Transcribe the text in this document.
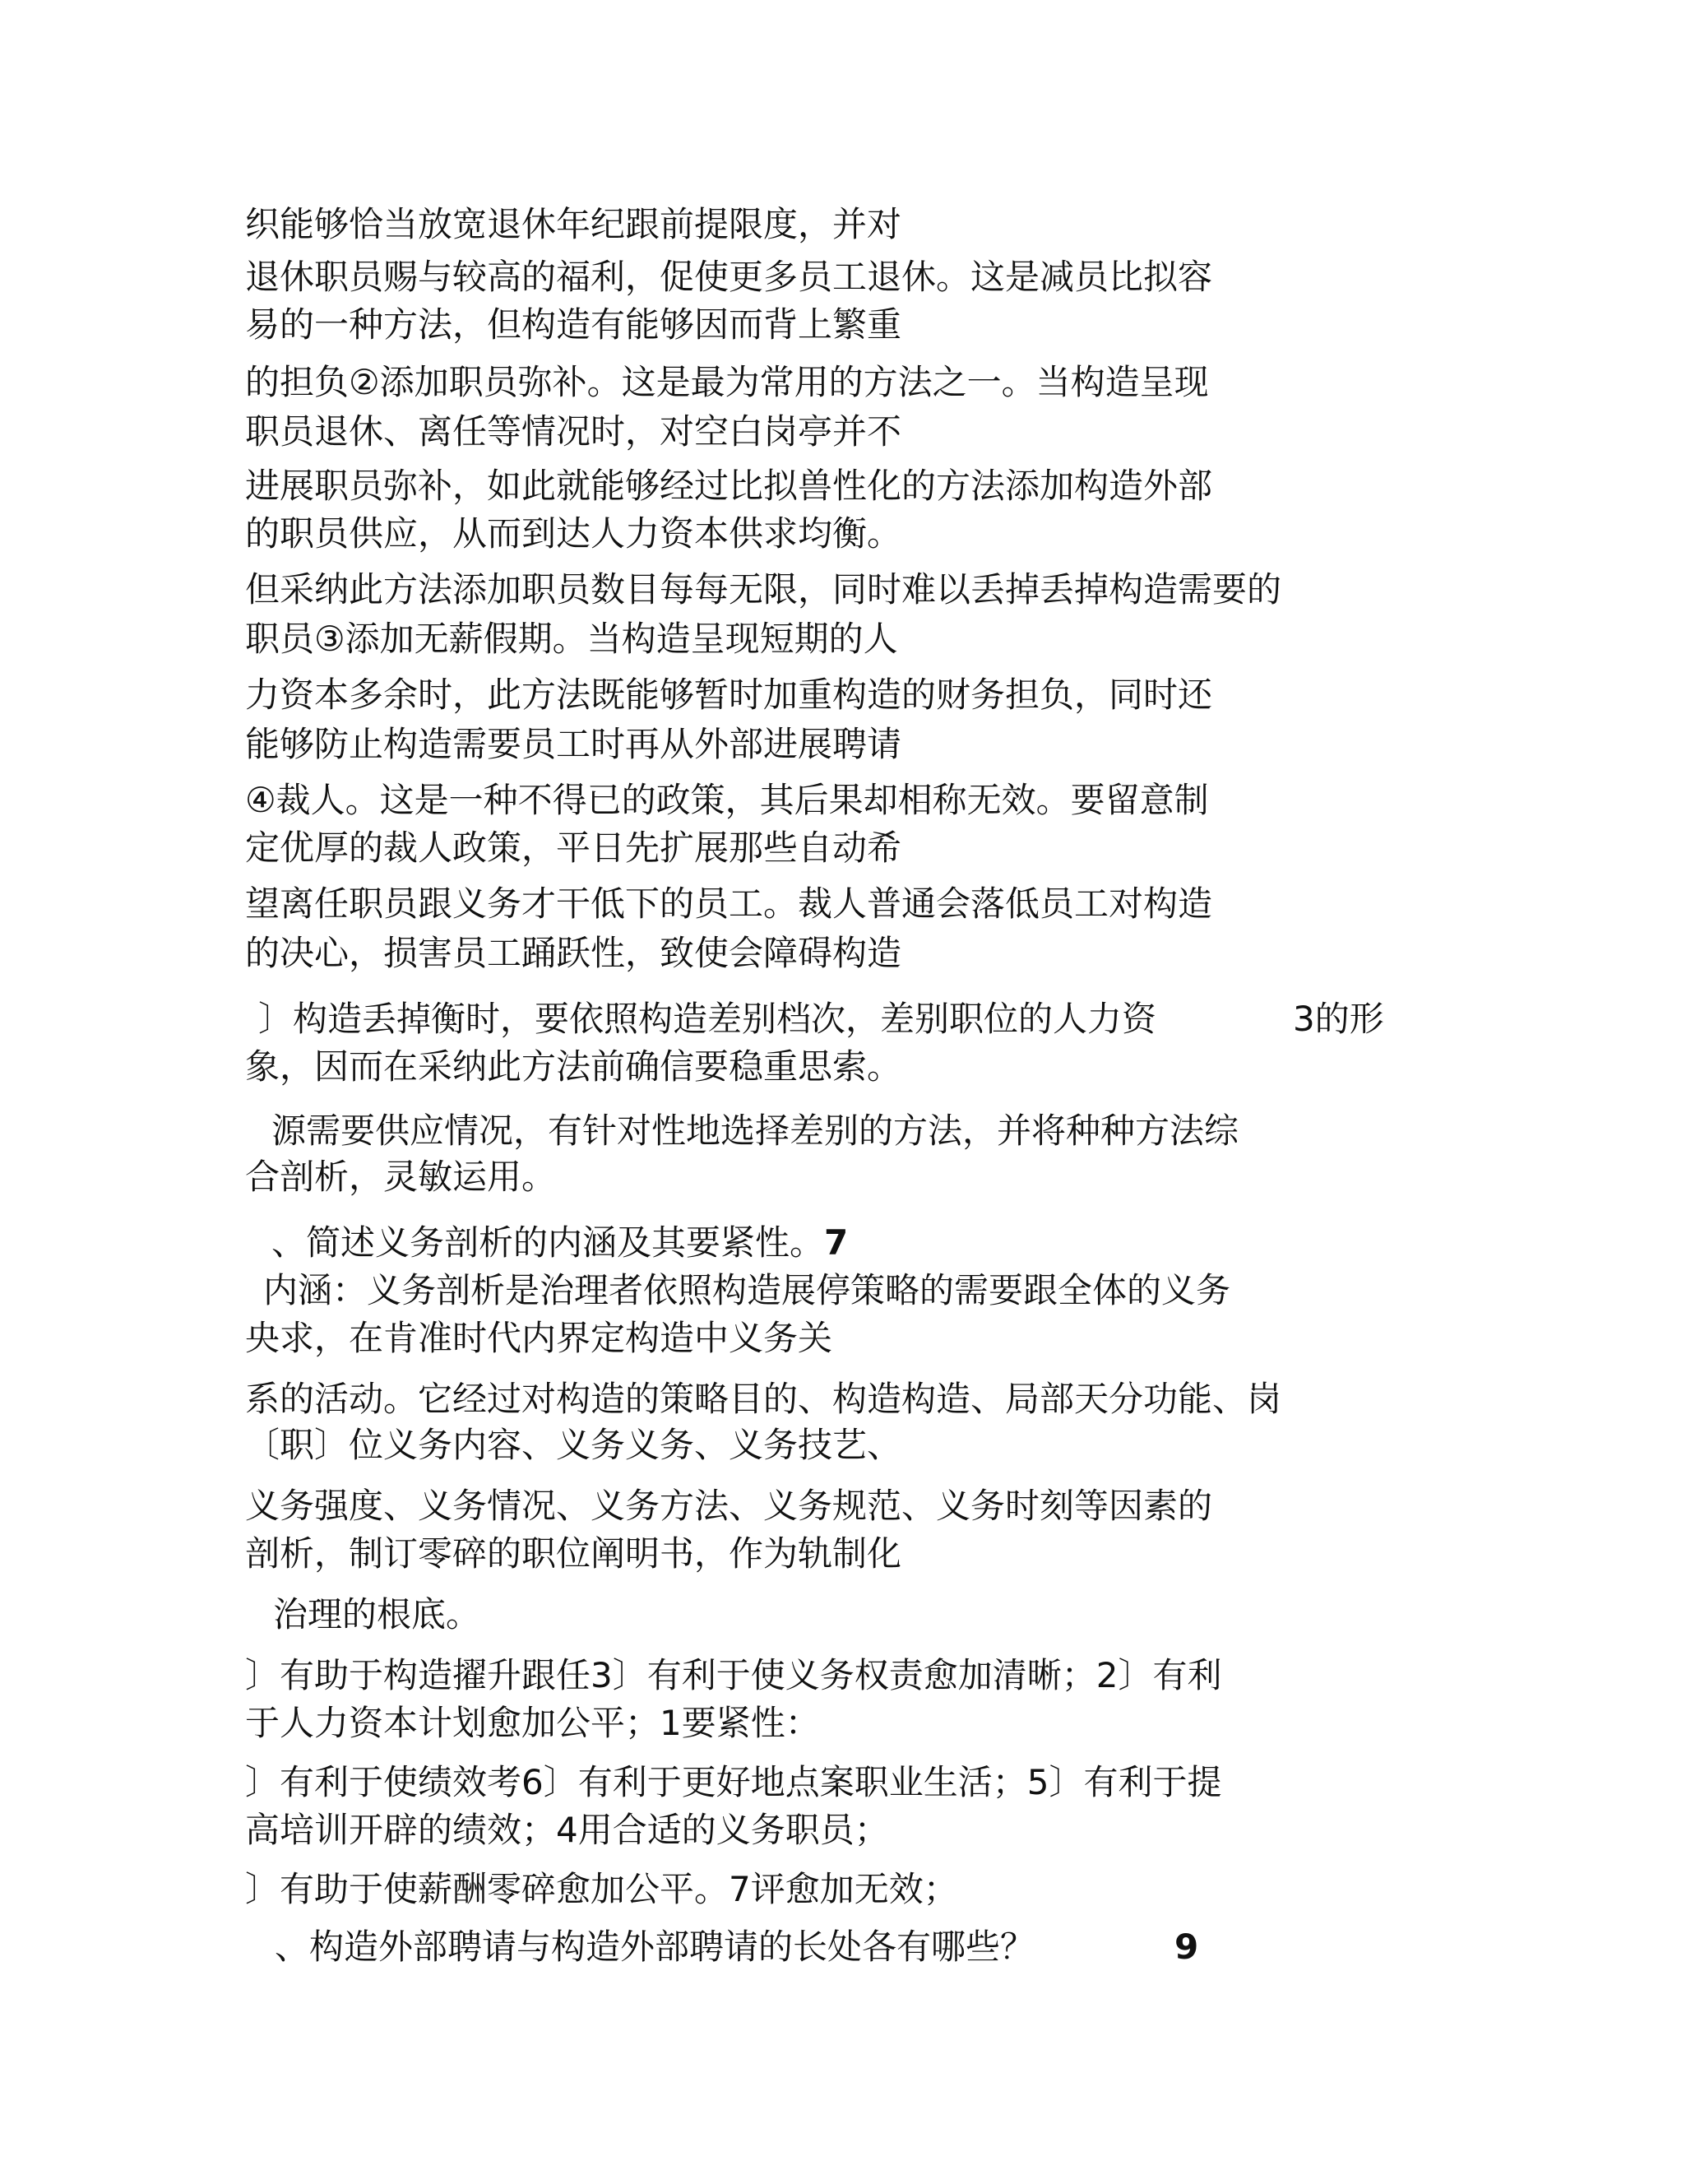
织能够恰当放宽退休年纪跟前提限度，并对
退休职员赐与较高的福利，促使更多员工退休。这是减员比拟容
易的一种方法，但构造有能够因而背上繁重
的担负②添加职员弥补。这是最为常用的方法之一。当构造呈现
职员退休、离任等情况时，对空白岗亭并不
进展职员弥补，如此就能够经过比拟兽性化的方法添加构造外部
的职员供应，从而到达人力资本供求均衡。
但采纳此方法添加职员数目每每无限，同时难以丢掉丢掉构造需要的
职员③添加无薪假期。当构造呈现短期的人
力资本多余时，此方法既能够暂时加重构造的财务担负，同时还
能够防止构造需要员工时再从外部进展聘请
④裁人。这是一种不得已的政策，其后果却相称无效。要留意制
定优厚的裁人政策，平日先扩展那些自动希
望离任职员跟义务才干低下的员工。裁人普通会落低员工对构造
的决心，损害员工踊跃性，致使会障碍构造
〕构造丢掉衡时，要依照构造差别档次，差别职位的人力资	3的形
象，因而在采纳此方法前确信要稳重思索。
源需要供应情况，有针对性地选择差别的方法，并将种种方法综
合剖析，灵敏运用。
、简述义务剖析的内涵及其要紧性。7
内涵：义务剖析是治理者依照构造展停策略的需要跟全体的义务
央求，在肯准时代内界定构造中义务关
系的活动。它经过对构造的策略目的、构造构造、局部天分功能、岗
〔职〕位义务内容、义务义务、义务技艺、
义务强度、义务情况、义务方法、义务规范、义务时刻等因素的
剖析，制订零碎的职位阐明书，作为轨制化
治理的根底。
〕有助于构造擢升跟任3〕有利于使义务权责愈加清晰；2〕有利
于人力资本计划愈加公平；1要紧性：
〕有利于使绩效考6〕有利于更好地点案职业生活；5〕有利于提
高培训开辟的绩效；4用合适的义务职员；
〕有助于使薪酬零碎愈加公平。7评愈加无效；
、构造外部聘请与构造外部聘请的长处各有哪些？	9
